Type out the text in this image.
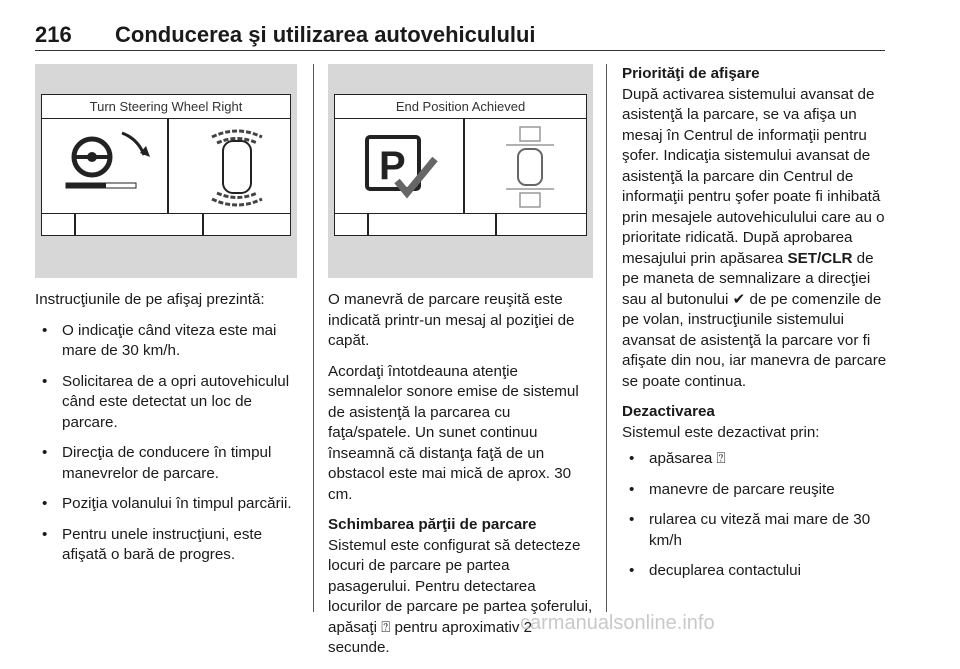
216 Conducerea şi utilizarea autovehiculului
Turn Steering Wheel Right

Instrucţiunile de pe afişaj prezintă:

• O indicaţie când viteza este mai mare de 30 km/h.
• Solicitarea de a opri autovehiculul când este detectat un loc de parcare.
• Direcţia de conducere în timpul manevrelor de parcare.
• Poziţia volanului în timpul parcării.
• Pentru unele instrucţiuni, este afişată o bară de progres.
End Position Achieved
P

O manevră de parcare reuşită este indicată printr-un mesaj al poziţiei de capăt.

Acordaţi întotdeauna atenţie semnalelor sonore emise de sistemul de asistenţă la parcarea cu faţa/spatele. Un sunet continuu înseamnă că distanţa faţă de un obstacol este mai mică de aprox. 30 cm.

Schimbarea părţii de parcare

Sistemul este configurat să detecteze locuri de parcare pe partea pasagerului. Pentru detectarea locurilor de parcare pe partea şoferului, apăsaţi ⍰ pentru aproximativ 2 secunde.

Priorităţi de afişare

După activarea sistemului avansat de asistenţă la parcare, se va afişa un mesaj în Centrul de informaţii pentru şofer. Indicaţia sistemului avansat de asistenţă la parcare din Centrul de informaţii pentru şofer poate fi inhibată prin mesajele autovehiculului care au o prioritate ridicată. După aprobarea mesajului prin apăsarea SET/CLR de pe maneta de semnalizare a direcţiei sau al butonului ✔ de pe comenzile de pe volan, instrucţiunile sistemului avansat de asistenţă la parcare vor fi afişate din nou, iar manevra de parcare se poate continua.

Dezactivarea

Sistemul este dezactivat prin:

• apăsarea ⍰
• manevre de parcare reuşite
• rularea cu viteză mai mare de 30 km/h
• decuplarea contactului
carmanualsonline.info
